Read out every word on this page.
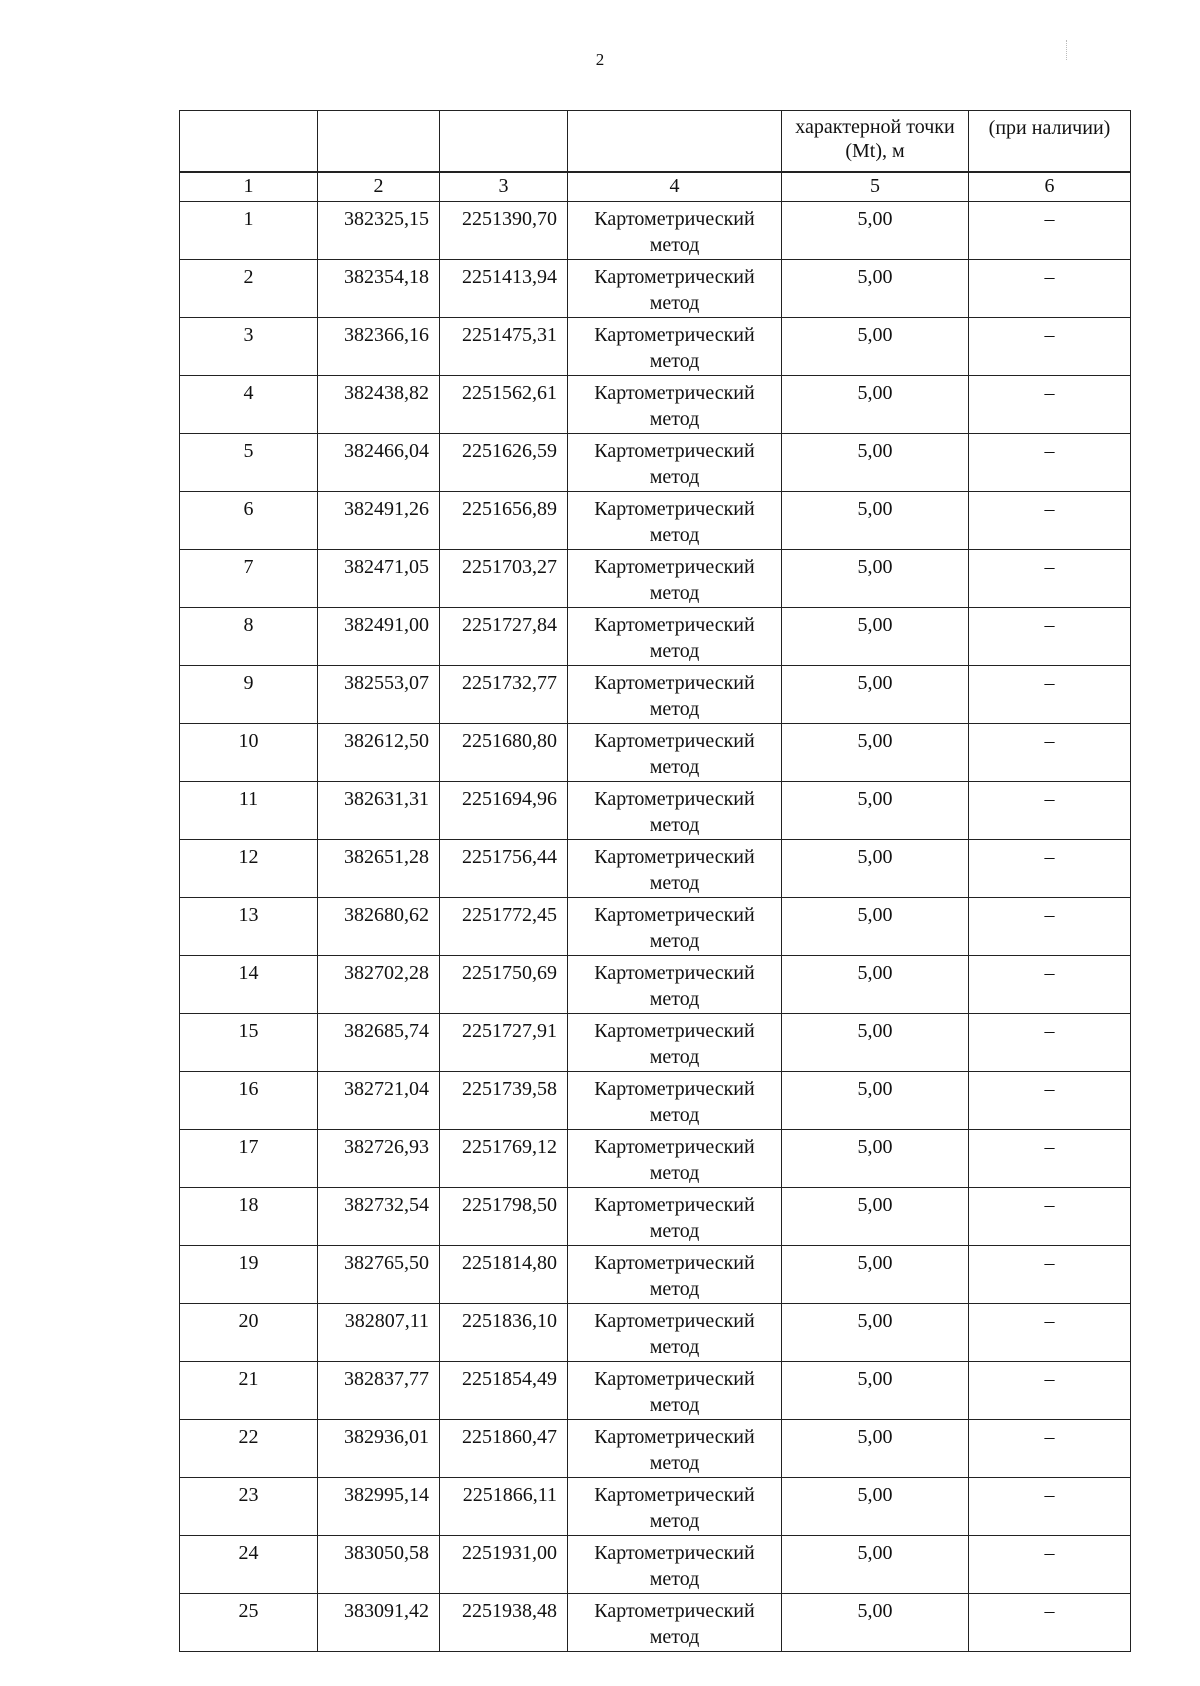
2
				характерной точки (Mt), м	(при наличии)
1	2	3	4	5	6
1	382325,15	2251390,70	Картометрический метод	5,00	–
2	382354,18	2251413,94	Картометрический метод	5,00	–
3	382366,16	2251475,31	Картометрический метод	5,00	–
4	382438,82	2251562,61	Картометрический метод	5,00	–
5	382466,04	2251626,59	Картометрический метод	5,00	–
6	382491,26	2251656,89	Картометрический метод	5,00	–
7	382471,05	2251703,27	Картометрический метод	5,00	–
8	382491,00	2251727,84	Картометрический метод	5,00	–
9	382553,07	2251732,77	Картометрический метод	5,00	–
10	382612,50	2251680,80	Картометрический метод	5,00	–
11	382631,31	2251694,96	Картометрический метод	5,00	–
12	382651,28	2251756,44	Картометрический метод	5,00	–
13	382680,62	2251772,45	Картометрический метод	5,00	–
14	382702,28	2251750,69	Картометрический метод	5,00	–
15	382685,74	2251727,91	Картометрический метод	5,00	–
16	382721,04	2251739,58	Картометрический метод	5,00	–
17	382726,93	2251769,12	Картометрический метод	5,00	–
18	382732,54	2251798,50	Картометрический метод	5,00	–
19	382765,50	2251814,80	Картометрический метод	5,00	–
20	382807,11	2251836,10	Картометрический метод	5,00	–
21	382837,77	2251854,49	Картометрический метод	5,00	–
22	382936,01	2251860,47	Картометрический метод	5,00	–
23	382995,14	2251866,11	Картометрический метод	5,00	–
24	383050,58	2251931,00	Картометрический метод	5,00	–
25	383091,42	2251938,48	Картометрический метод	5,00	–
